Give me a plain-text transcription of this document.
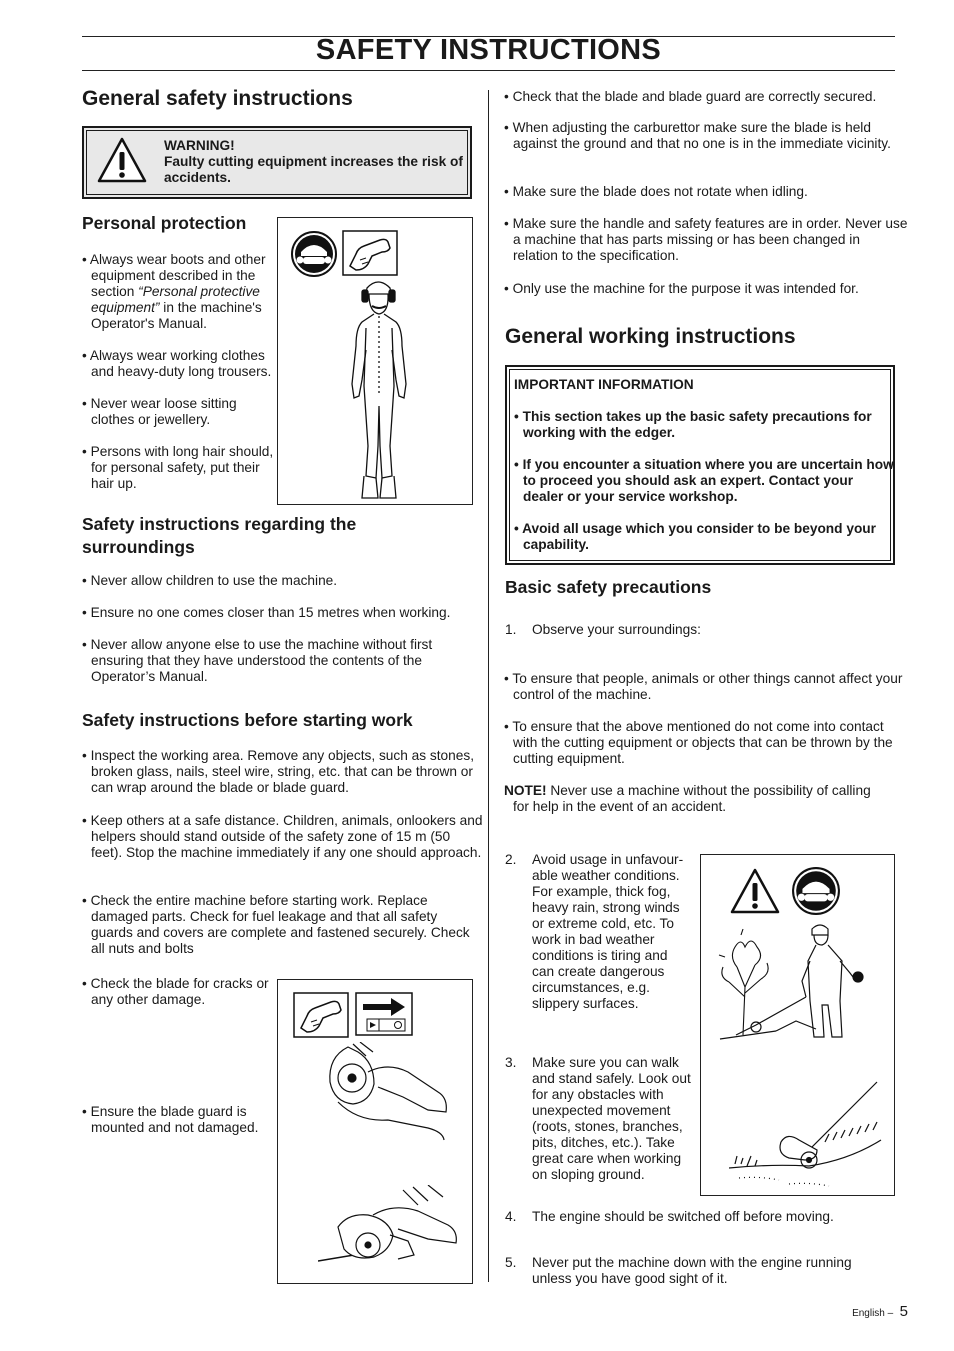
SAFETY INSTRUCTIONS
General safety instructions
WARNING!
Faulty cutting equipment increases the risk of accidents.
Personal protection
• Always wear boots and other equipment described in the section “Personal protective equipment” in the machine's Operator's Manual.
• Always wear working clothes and heavy-duty long trousers.
• Never wear loose sitting clothes or jewellery.
• Persons with long hair should, for personal safety, put their hair up.
Safety instructions regarding the surroundings
• Never allow children to use the machine.
• Ensure no one comes closer than 15 metres when working.
• Never allow anyone else to use the machine without first ensuring that they have understood the contents of the Operator’s Manual.
Safety instructions before starting work
• Inspect the working area. Remove any objects, such as stones, broken glass, nails, steel wire, string, etc. that can be thrown or can wrap around the blade or blade guard.
• Keep others at a safe distance. Children, animals, onlookers and helpers should stand outside of the safety zone of 15 m (50 feet). Stop the machine immediately if any one should approach.
• Check the entire machine before starting work. Replace damaged parts. Check for fuel leakage and that all safety guards and covers are complete and fastened securely. Check all nuts and bolts
• Check the blade for cracks or any other damage.
• Ensure the blade guard is mounted and not damaged.
• Check that the blade and blade guard are correctly secured.
• When adjusting the carburettor make sure the blade is held against the ground and that no one is in the immediate vicinity.
• Make sure the blade does not rotate when idling.
• Make sure the handle and safety features are in order. Never use a machine that has parts missing or has been changed in relation to the specification.
• Only use the machine for the purpose it was intended for.
General working instructions
IMPORTANT INFORMATION
• This section takes up the basic safety precautions for working with the edger.
• If you encounter a situation where you are uncertain how to proceed you should ask an expert. Contact your dealer or your service workshop.
• Avoid all usage which you consider to be beyond your capability.
Basic safety precautions
1. Observe your surroundings:
• To ensure that people, animals or other things cannot affect your control of the machine.
• To ensure that the above mentioned do not come into contact with the cutting equipment or objects that can be thrown by the cutting equipment.
NOTE! Never use a machine without the possibility of calling for help in the event of an accident.
2. Avoid usage in unfavour-able weather conditions. For example, thick fog, heavy rain, strong winds or extreme cold, etc. To work in bad weather conditions is tiring and can create dangerous circumstances, e.g. slippery surfaces.
3. Make sure you can walk and stand safely. Look out for any obstacles with unexpected movement (roots, stones, branches, pits, ditches, etc.). Take great care when working on sloping ground.
4. The engine should be switched off before moving.
5. Never put the machine down with the engine running unless you have good sight of it.
English – 5
